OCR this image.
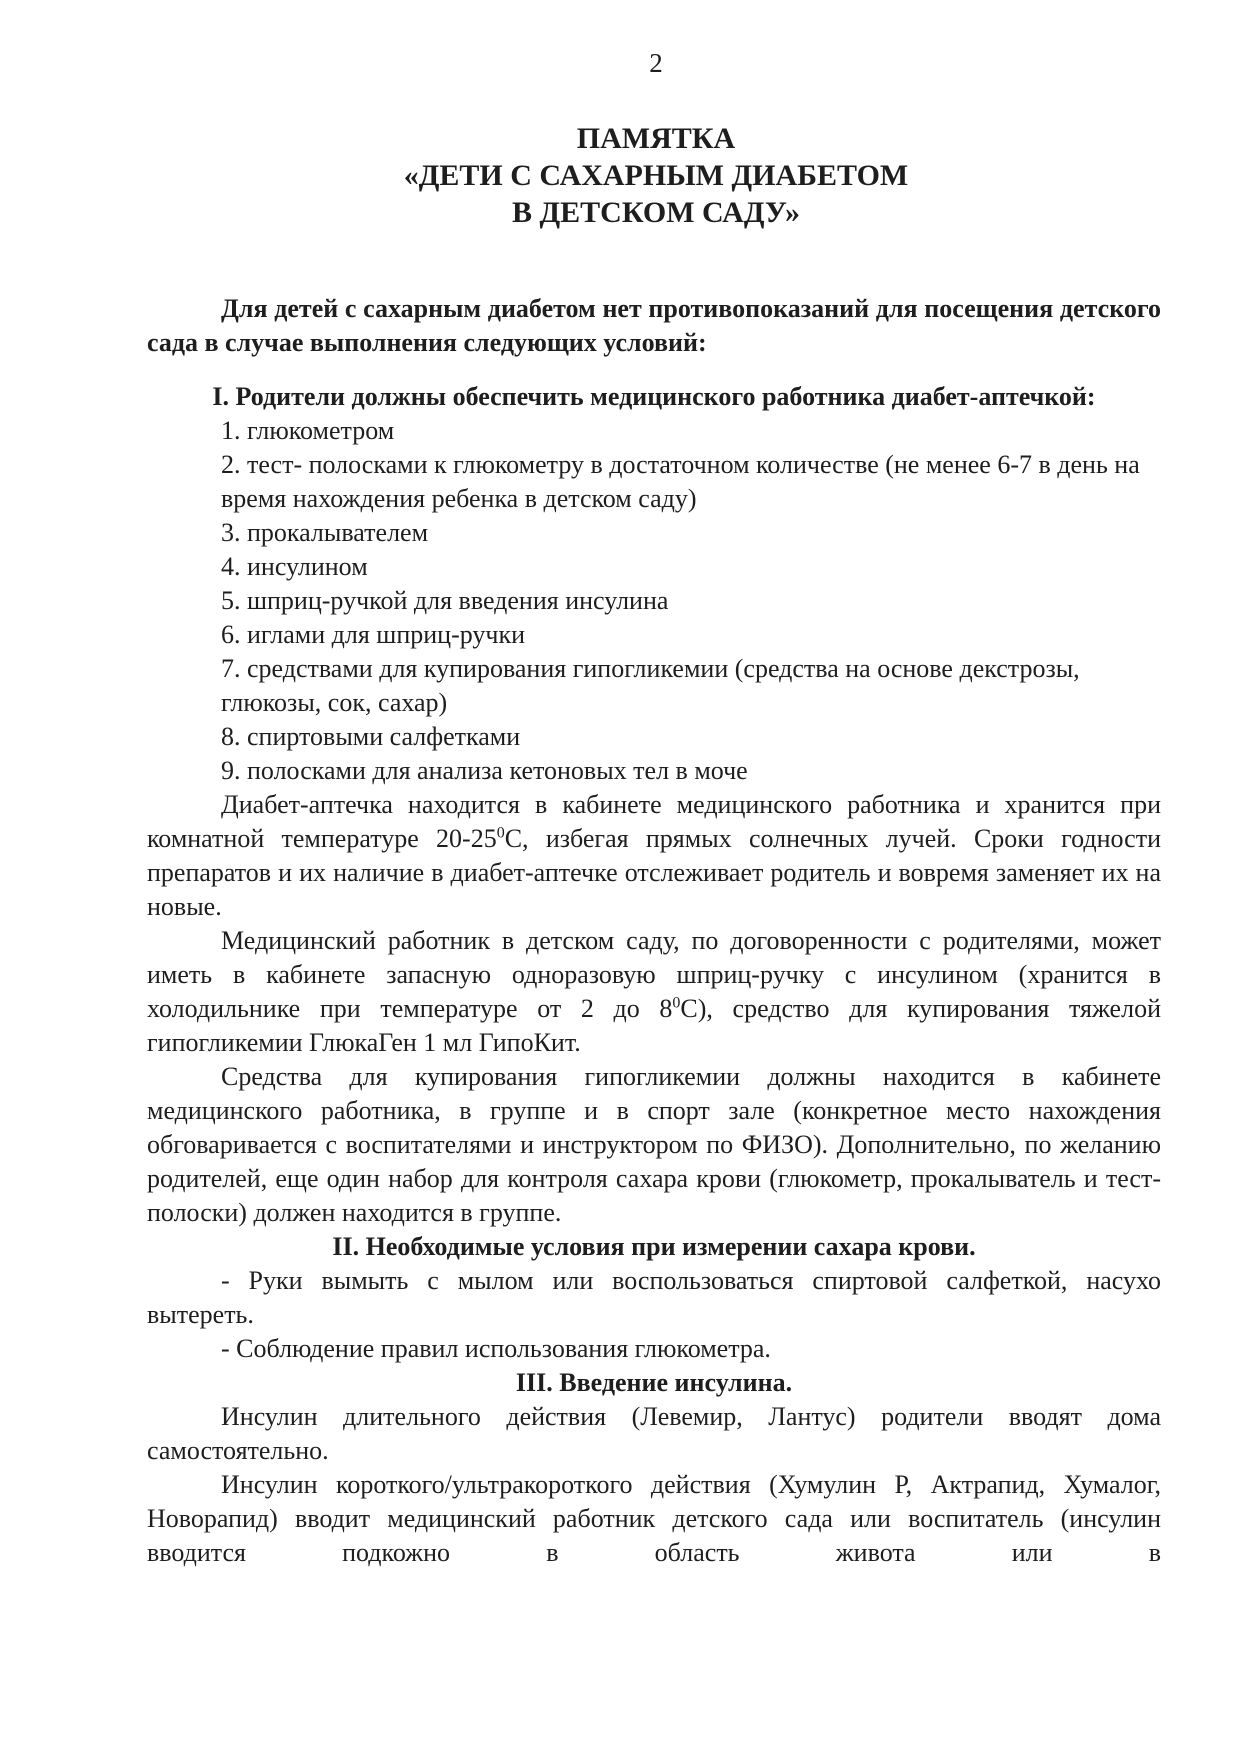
2
ПАМЯТКА
«ДЕТИ С САХАРНЫМ ДИАБЕТОМ
В ДЕТСКОМ САДУ»

Для детей с сахарным диабетом нет противопоказаний для посещения детского сада в случае выполнения следующих условий:

I. Родители должны обеспечить медицинского работника диабет-аптечкой:

1. глюкометром

2. тест- полосками к глюкометру в достаточном количестве (не менее 6-7 в день на время нахождения ребенка в детском саду)

3. прокалывателем

4. инсулином

5. шприц-ручкой для введения инсулина

6. иглами для шприц-ручки

7. средствами для купирования гипогликемии (средства на основе декстрозы, глюкозы, сок, сахар)

8. спиртовыми салфетками

9. полосками для анализа кетоновых тел в моче

Диабет-аптечка находится в кабинете медицинского работника и хранится при комнатной температуре $20-25^0С$, избегая прямых солнечных лучей. Сроки годности препаратов и их наличие в диабет-аптечке отслеживает родитель и вовремя заменяет их на новые.

Медицинский работник в детском саду, по договоренности с родителями, может иметь в кабинете запасную одноразовую шприц-ручку с инсулином (хранится в холодильнике при температуре от 2 до $8^0С$), средство для купирования тяжелой гипогликемии ГлюкаГен 1 мл ГипоКит.

Средства для купирования гипогликемии должны находится в кабинете медицинского работника, в группе и в спорт зале (конкретное место нахождения обговаривается с воспитателями и инструктором по ФИЗО). Дополнительно, по желанию родителей, еще один набор для контроля сахара крови (глюкометр, прокалыватель и тест-полоски) должен находится в группе.

II. Необходимые условия при измерении сахара крови.

- Руки вымыть с мылом или воспользоваться спиртовой салфеткой, насухо вытереть.

- Соблюдение правил использования глюкометра.

III. Введение инсулина.

Инсулин длительного действия (Левемир, Лантус) родители вводят дома самостоятельно.

Инсулин короткого/ультракороткого действия (Хумулин Р, Актрапид, Хумалог, Новорапид) вводит медицинский работник детского сада или воспитатель (инсулин вводится подкожно в область живота или в
